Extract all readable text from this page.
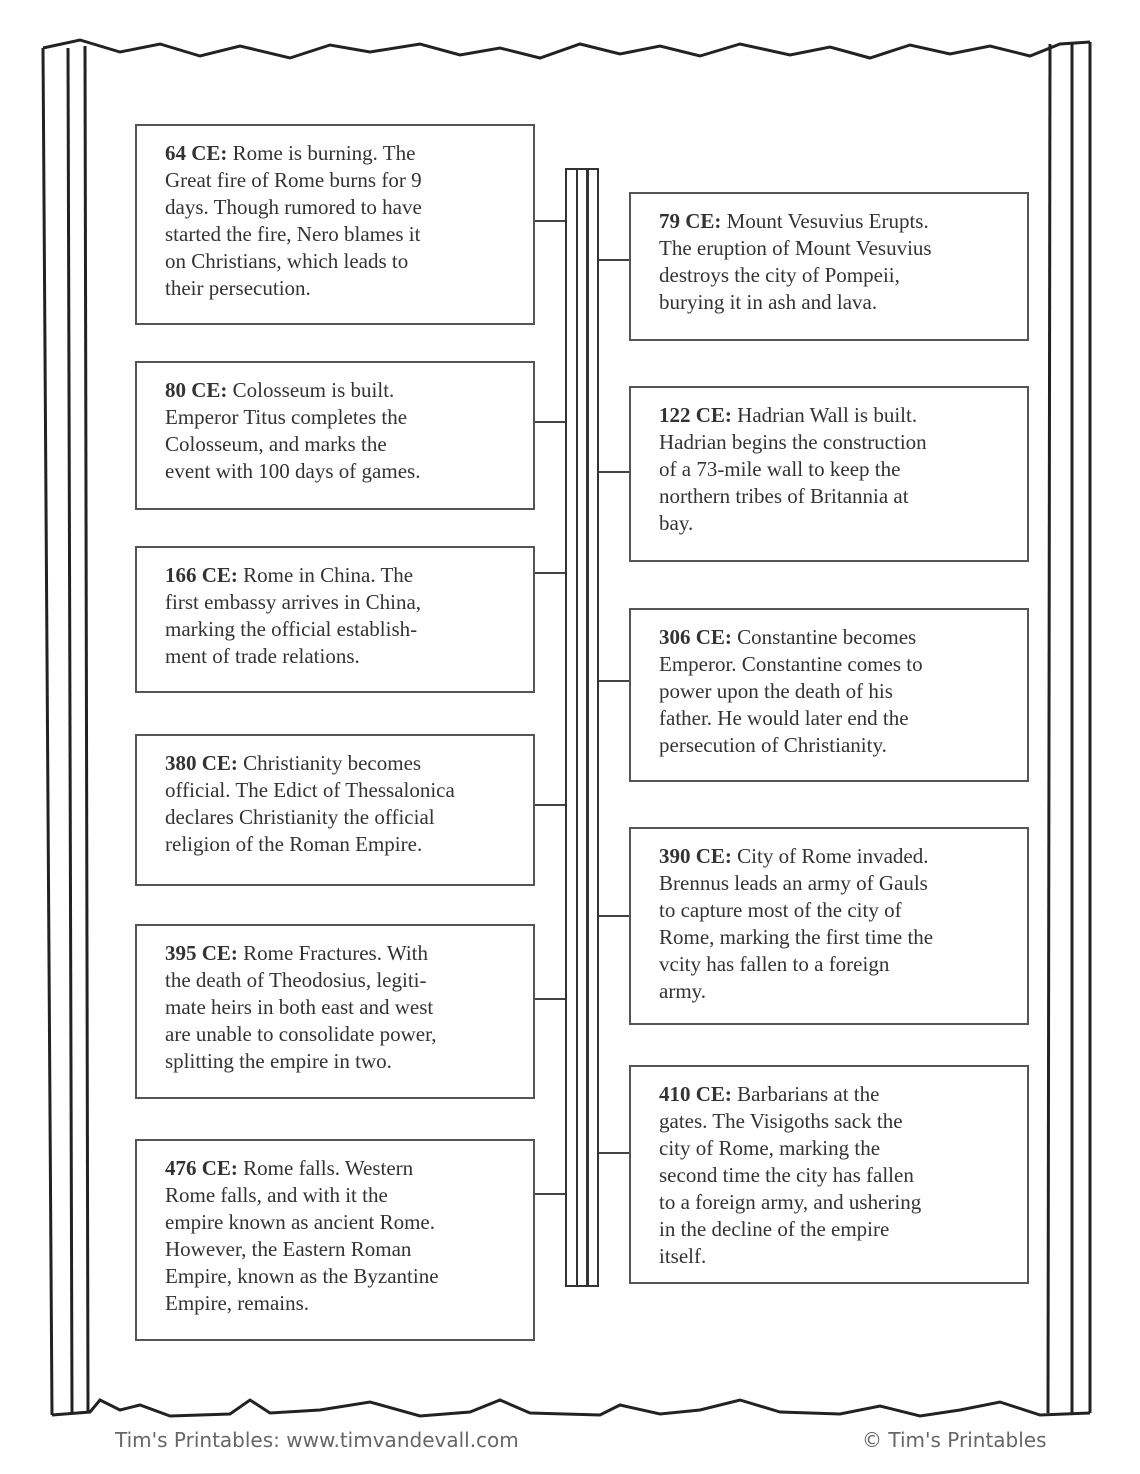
64 CE: Rome is burning. The
Great fire of Rome burns for 9
days. Though rumored to have
started the fire, Nero blames it
on Christians, which leads to
their persecution.
80 CE: Colosseum is built.
Emperor Titus completes the
Colosseum, and marks the
event with 100 days of games.
166 CE: Rome in China. The
first embassy arrives in China,
marking the official establish-
ment of trade relations.
380 CE: Christianity becomes
official. The Edict of Thessalonica
declares Christianity the official
religion of the Roman Empire.
395 CE: Rome Fractures. With
the death of Theodosius, legiti-
mate heirs in both east and west
are unable to consolidate power,
splitting the empire in two.
476 CE: Rome falls. Western
Rome falls, and with it the
empire known as ancient Rome.
However, the Eastern Roman
Empire, known as the Byzantine
Empire, remains.
79 CE: Mount Vesuvius Erupts.
The eruption of Mount Vesuvius
destroys the city of Pompeii,
burying it in ash and lava.
122 CE: Hadrian Wall is built.
Hadrian begins the construction
of a 73-mile wall to keep the
northern tribes of Britannia at
bay.
306 CE: Constantine becomes
Emperor. Constantine comes to
power upon the death of his
father. He would later end the
persecution of Christianity.
390 CE: City of Rome invaded.
Brennus leads an army of Gauls
to capture most of the city of
Rome, marking the first time the
vcity has fallen to a foreign
army.
410 CE: Barbarians at the
gates. The Visigoths sack the
city of Rome, marking the
second time the city has fallen
to a foreign army, and ushering
in the decline of the empire
itself.
Tim's Printables: www.timvandevall.com	© Tim's Printables
